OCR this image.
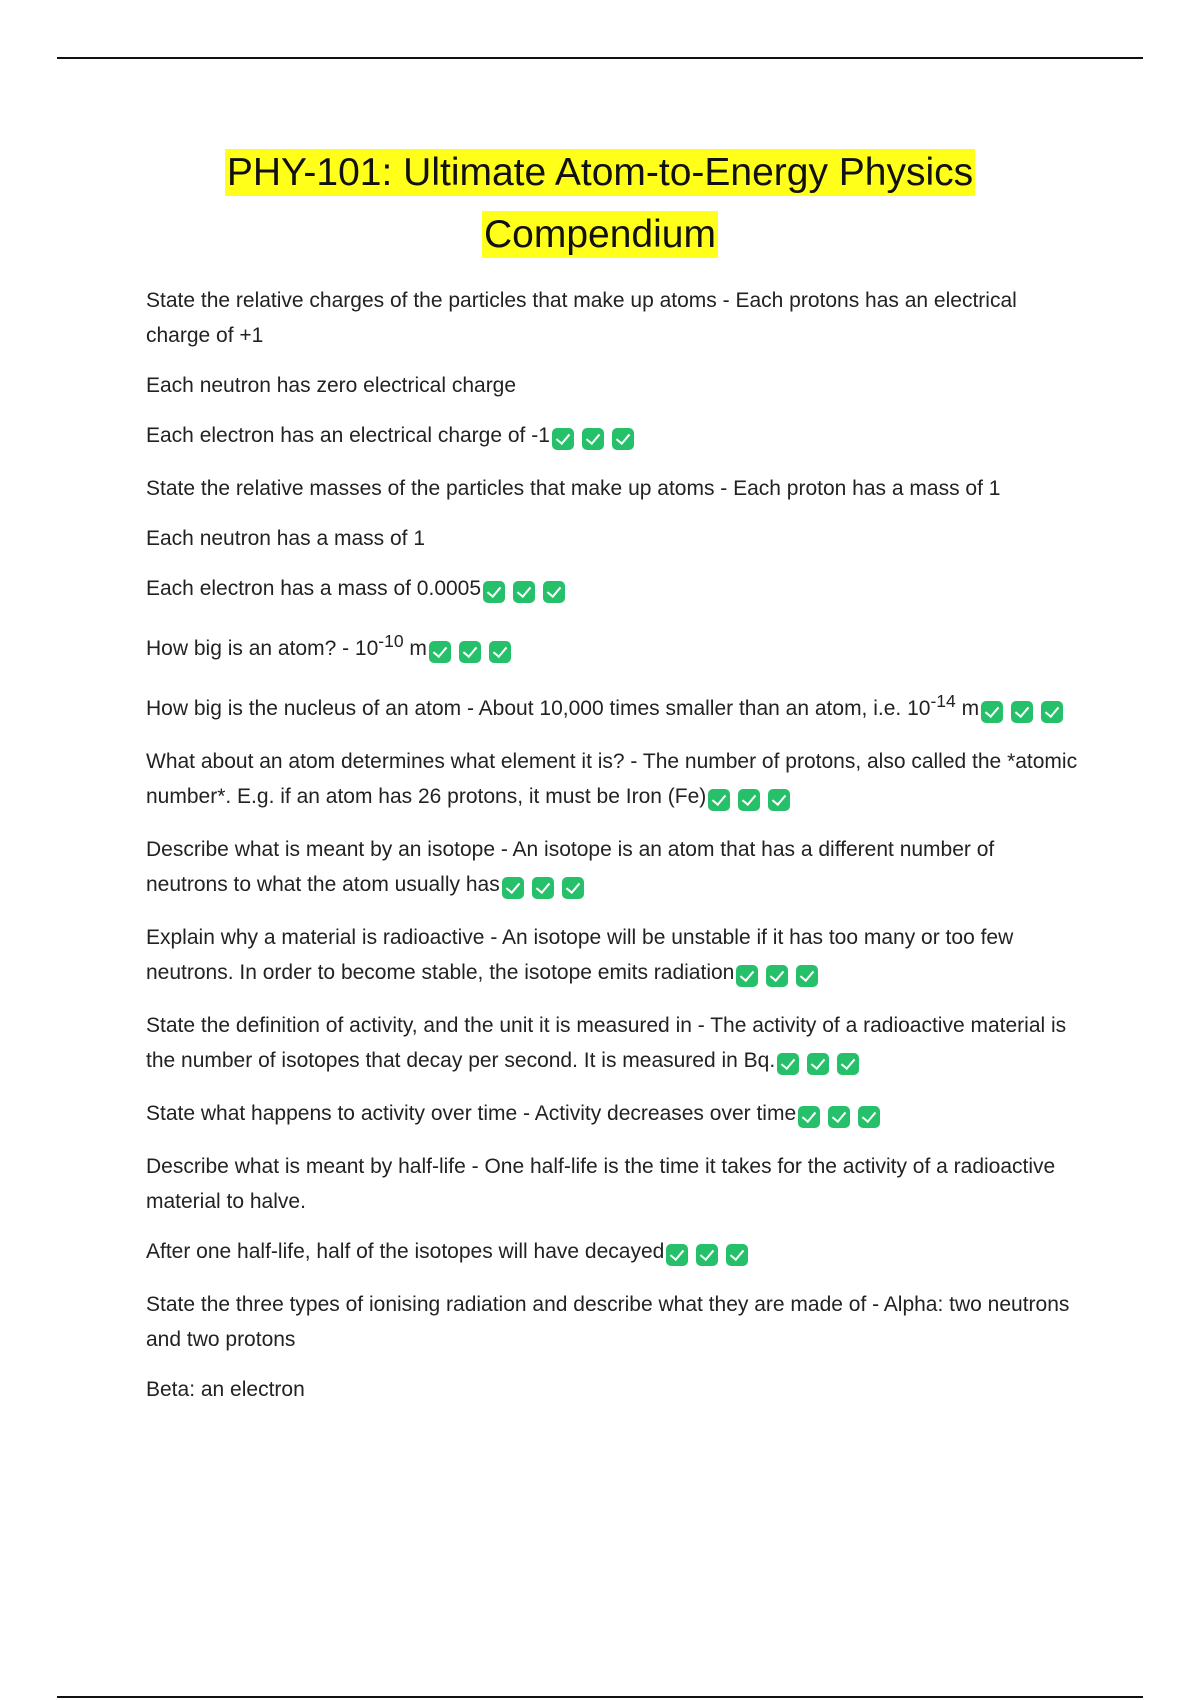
PHY-101: Ultimate Atom-to-Energy Physics
Compendium

State the relative charges of the particles that make up atoms - Each protons has an electrical charge of +1

Each neutron has zero electrical charge

Each electron has an electrical charge of -1

State the relative masses of the particles that make up atoms - Each proton has a mass of 1

Each neutron has a mass of 1

Each electron has a mass of 0.0005

How big is an atom? - $10^{-10}$ m

How big is the nucleus of an atom - About 10,000 times smaller than an atom, i.e. $10^{-14}$ m

What about an atom determines what element it is? - The number of protons, also called the *atomic number*. E.g. if an atom has 26 protons, it must be Iron (Fe)

Describe what is meant by an isotope - An isotope is an atom that has a different number of neutrons to what the atom usually has

Explain why a material is radioactive - An isotope will be unstable if it has too many or too few neutrons. In order to become stable, the isotope emits radiation

State the definition of activity, and the unit it is measured in - The activity of a radioactive material is the number of isotopes that decay per second. It is measured in Bq.

State what happens to activity over time - Activity decreases over time

Describe what is meant by half-life - One half-life is the time it takes for the activity of a radioactive material to halve.

After one half-life, half of the isotopes will have decayed

State the three types of ionising radiation and describe what they are made of - Alpha: two neutrons and two protons

Beta: an electron
